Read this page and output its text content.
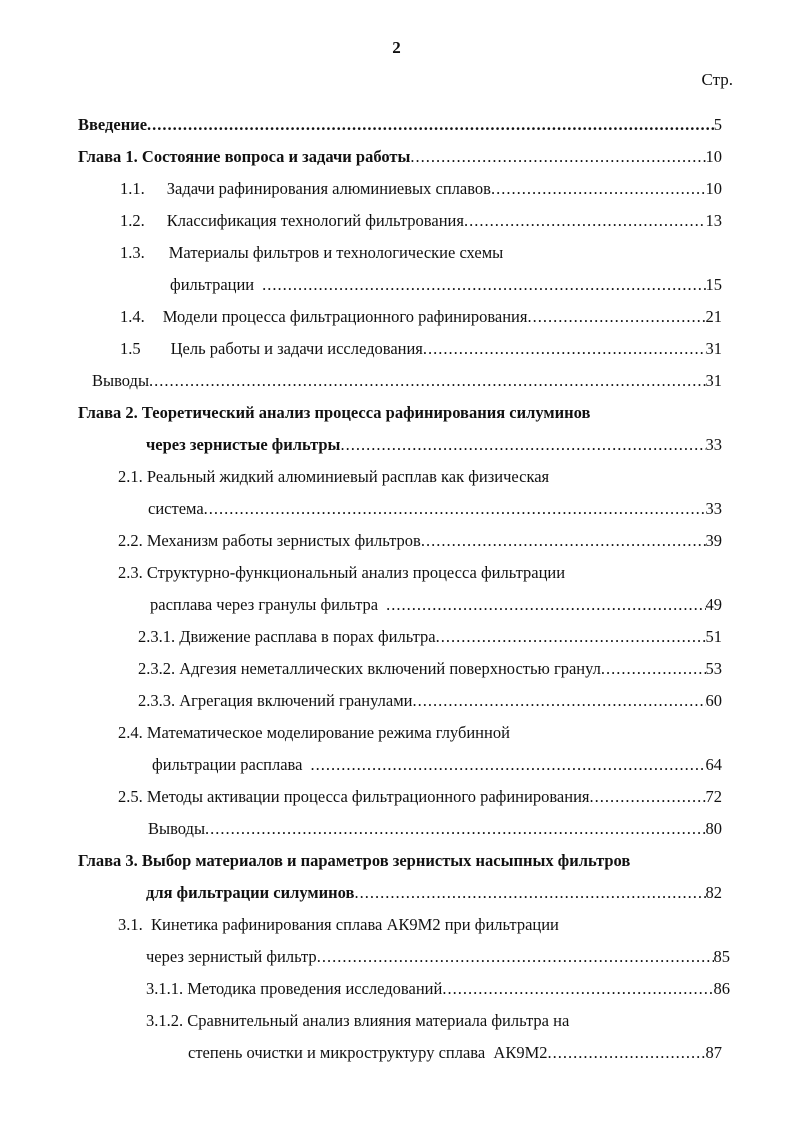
2
Стр.
Введение .....	5
Глава 1. Состояние вопроса и задачи работы .....	10
1.1. Задачи рафинирования алюминиевых сплавов .....	10
1.2. Классификация технологий фильтрования .....	13
1.3. Материалы фильтров и технологические схемы
фильтрации .....	15
1.4. Модели процесса фильтрационного рафинирования .....	21
1.5 Цель работы и задачи исследования .....	31
Выводы .....	31
Глава 2. Теоретический анализ процесса рафинирования силуминов
через зернистые фильтры .....	33
2.1. Реальный жидкий алюминиевый расплав как физическая
система .....	33
2.2. Механизм работы зернистых фильтров .....	39
2.3. Структурно-функциональный анализ процесса фильтрации
расплава через гранулы фильтра .....	49
2.3.1. Движение расплава в порах фильтра .....	51
2.3.2. Адгезия неметаллических включений поверхностью гранул .....	53
2.3.3. Агрегация включений гранулами .....	60
2.4. Математическое моделирование режима глубинной
фильтрации расплава .....	64
2.5. Методы активации процесса фильтрационного рафинирования .....	72
Выводы .....	80
Глава 3. Выбор материалов и параметров зернистых насыпных фильтров
для фильтрации силуминов .....	82
3.1.  Кинетика рафинирования сплава АК9М2 при фильтрации
через зернистый фильтр .....	85
3.1.1. Методика проведения исследований .....	86
3.1.2. Сравнительный анализ влияния материала фильтра на
степень очистки и микроструктуру сплава  АК9М2 .....	87
